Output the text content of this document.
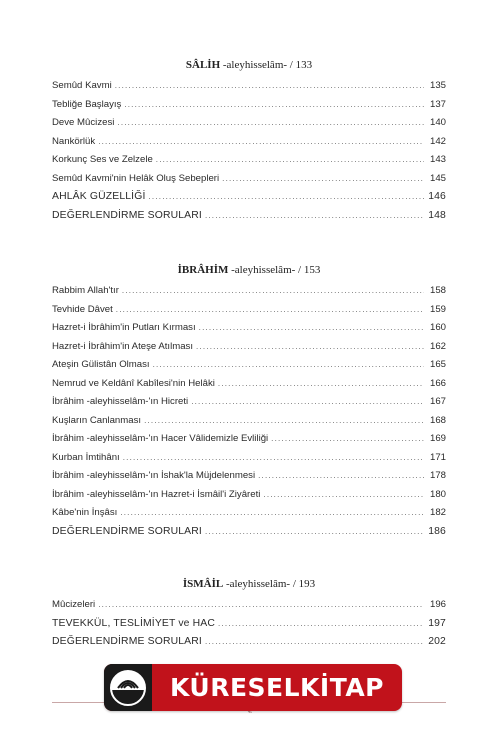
SÂLİH -aleyhisselâm- / 133
Semûd Kavmi .....	135
Tebliğe Başlayış .....	137
Deve Mûcizesi .....	140
Nankörlük .....	142
Korkunç Ses ve Zelzele .....	143
Semûd Kavmi'nin Helâk Oluş Sebepleri .....	145
AHLÂK GÜZELLİĞİ .....	146
DEĞERLENDİRME SORULARI .....	148
İBRÂHİM -aleyhisselâm- / 153
Rabbim Allah'tır .....	158
Tevhide Dâvet .....	159
Hazret-i İbrâhim'in Putları Kırması .....	160
Hazret-i İbrâhim'in Ateşe Atılması .....	162
Ateşin Gülistân Olması .....	165
Nemrud ve Keldânî Kabîlesi'nin Helâki .....	166
İbrâhim -aleyhisselâm-'ın Hicreti .....	167
Kuşların Canlanması .....	168
İbrâhim -aleyhisselâm-'ın Hacer Vâlidemizle Evliliği .....	169
Kurban İmtihânı .....	171
İbrâhim -aleyhisselâm-'ın İshak'la Müjdelenmesi .....	178
İbrâhim -aleyhisselâm-'ın Hazret-i İsmâil'i Ziyâreti .....	180
Kâbe'nin İnşâsı .....	182
DEĞERLENDİRME SORULARI .....	186
İSMÂİL -aleyhisselâm- / 193
Mûcizeleri .....	196
TEVEKKÜL, TESLİMİYET ve HAC .....	197
DEĞERLENDİRME SORULARI .....	202
KÜRESELKİTAP
